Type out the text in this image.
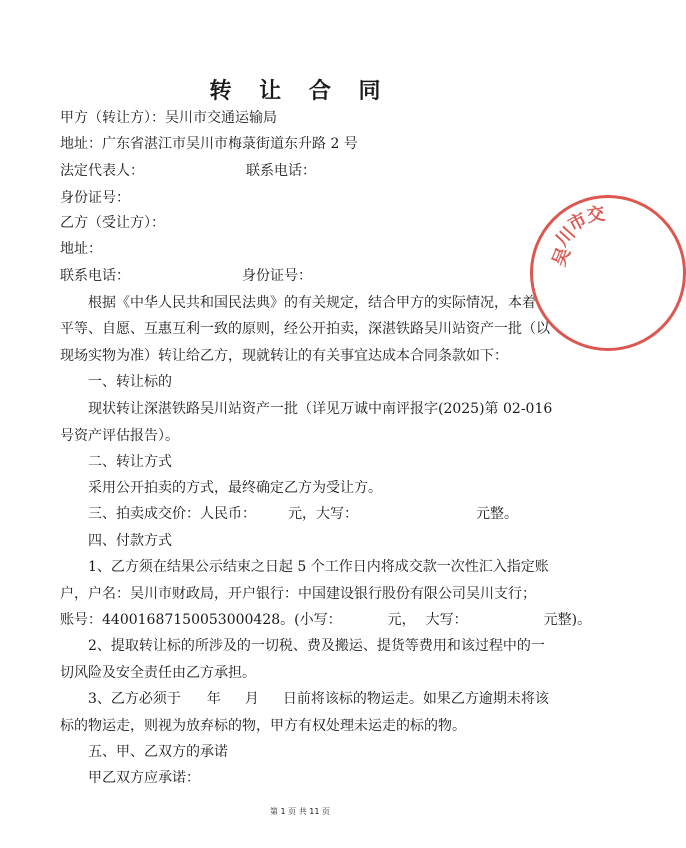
转 让 合 同
甲方（转让方）：吴川市交通运输局
地址：广东省湛江市吴川市梅菉街道东升路 2 号
法定代表人：	联系电话：
身份证号：
乙方（受让方）：
地址：
联系电话：	身份证号：
根据《中华人民共和国民法典》的有关规定，结合甲方的实际情况，本着
平等、自愿、互惠互利一致的原则，经公开拍卖，深湛铁路吴川站资产一批（以
现场实物为准）转让给乙方，现就转让的有关事宜达成本合同条款如下：
一、转让标的
现状转让深湛铁路吴川站资产一批（详见万诚中南评报字(2025)第 02-016
号资产评估报告）。
二、转让方式
采用公开拍卖的方式，最终确定乙方为受让方。
三、拍卖成交价：人民币： 元，大写：	元整。
四、付款方式
1、乙方须在结果公示结束之日起 5 个工作日内将成交款一次性汇入指定账
户，户名：吴川市财政局，开户银行：中国建设银行股份有限公司吴川支行；
账号：44001687150053000428。(小写：	元， 大写：	元整)。
2、提取转让标的所涉及的一切税、费及搬运、提货等费用和该过程中的一
切风险及安全责任由乙方承担。
3、乙方必须于 年 月 日前将该标的物运走。如果乙方逾期未将该
标的物运走，则视为放弃标的物，甲方有权处理未运走的标的物。
五、甲、乙双方的承诺
甲乙双方应承诺：
吴
川
市
交
第 1 页 共 11 页
